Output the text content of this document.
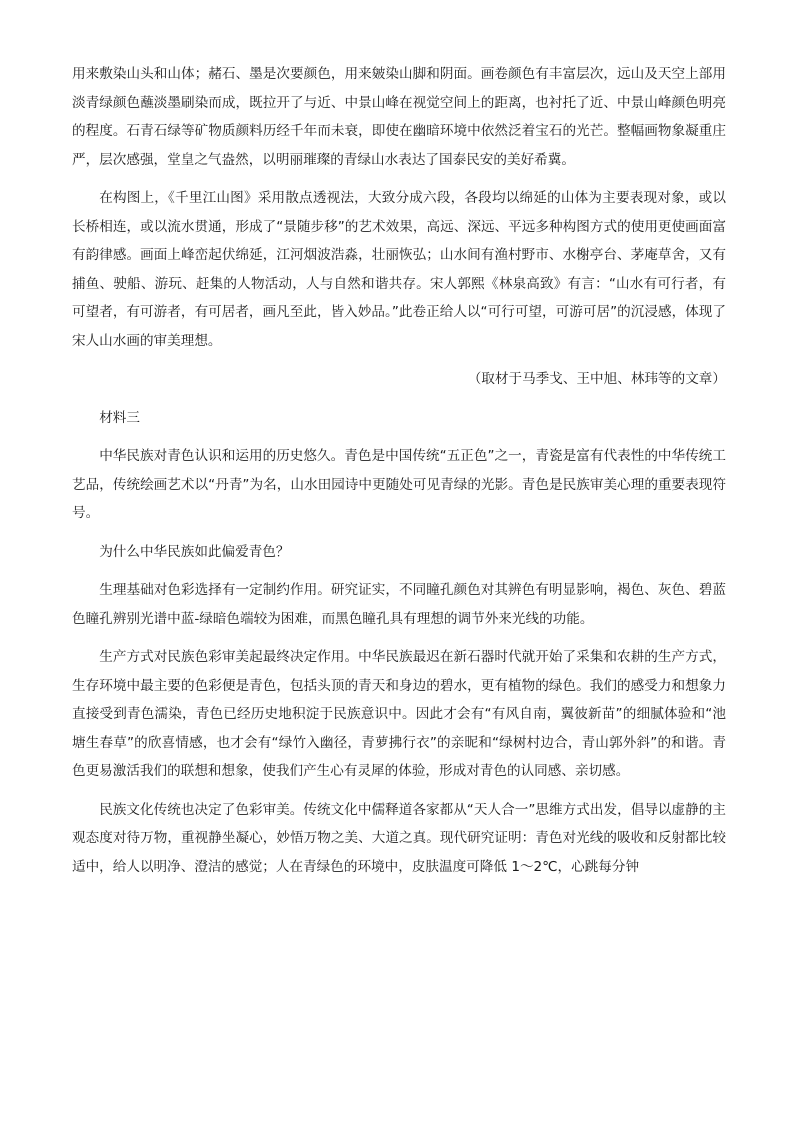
用来敷染山头和山体；赭石、墨是次要颜色，用来皴染山脚和阴面。画卷颜色有丰富层次，远山及天空上部用淡青绿颜色蘸淡墨刷染而成，既拉开了与近、中景山峰在视觉空间上的距离，也衬托了近、中景山峰颜色明亮的程度。石青石绿等矿物质颜料历经千年而未衰，即使在幽暗环境中依然泛着宝石的光芒。整幅画物象凝重庄严，层次感强，堂皇之气盎然，以明丽璀璨的青绿山水表达了国泰民安的美好希冀。

在构图上，《千里江山图》采用散点透视法，大致分成六段，各段均以绵延的山体为主要表现对象，或以长桥相连，或以流水贯通，形成了“景随步移”的艺术效果，高远、深远、平远多种构图方式的使用更使画面富有韵律感。画面上峰峦起伏绵延，江河烟波浩淼，壮丽恢弘；山水间有渔村野市、水榭亭台、茅庵草舍，又有捕鱼、驶船、游玩、赶集的人物活动，人与自然和谐共存。宋人郭熙《林泉高致》有言：“山水有可行者，有可望者，有可游者，有可居者，画凡至此，皆入妙品。”此卷正给人以“可行可望，可游可居”的沉浸感，体现了宋人山水画的审美理想。

（取材于马季戈、王中旭、林玮等的文章）

材料三

中华民族对青色认识和运用的历史悠久。青色是中国传统“五正色”之一，青瓷是富有代表性的中华传统工艺品，传统绘画艺术以“丹青”为名，山水田园诗中更随处可见青绿的光影。青色是民族审美心理的重要表现符号。

为什么中华民族如此偏爱青色？

生理基础对色彩选择有一定制约作用。研究证实，不同瞳孔颜色对其辨色有明显影响，褐色、灰色、碧蓝色瞳孔辨别光谱中蓝-绿暗色端较为困难，而黑色瞳孔具有理想的调节外来光线的功能。

生产方式对民族色彩审美起最终决定作用。中华民族最迟在新石器时代就开始了采集和农耕的生产方式，生存环境中最主要的色彩便是青色，包括头顶的青天和身边的碧水，更有植物的绿色。我们的感受力和想象力直接受到青色濡染，青色已经历史地积淀于民族意识中。因此才会有“有风自南，翼彼新苗”的细腻体验和“池塘生春草”的欣喜情感，也才会有“绿竹入幽径，青萝拂行衣”的亲昵和“绿树村边合，青山郭外斜”的和谐。青色更易激活我们的联想和想象，使我们产生心有灵犀的体验，形成对青色的认同感、亲切感。

民族文化传统也决定了色彩审美。传统文化中儒释道各家都从“天人合一”思维方式出发，倡导以虚静的主观态度对待万物，重视静坐凝心，妙悟万物之美、大道之真。现代研究证明：青色对光线的吸收和反射都比较适中，给人以明净、澄洁的感觉；人在青绿色的环境中，皮肤温度可降低 1～2℃，心跳每分钟
